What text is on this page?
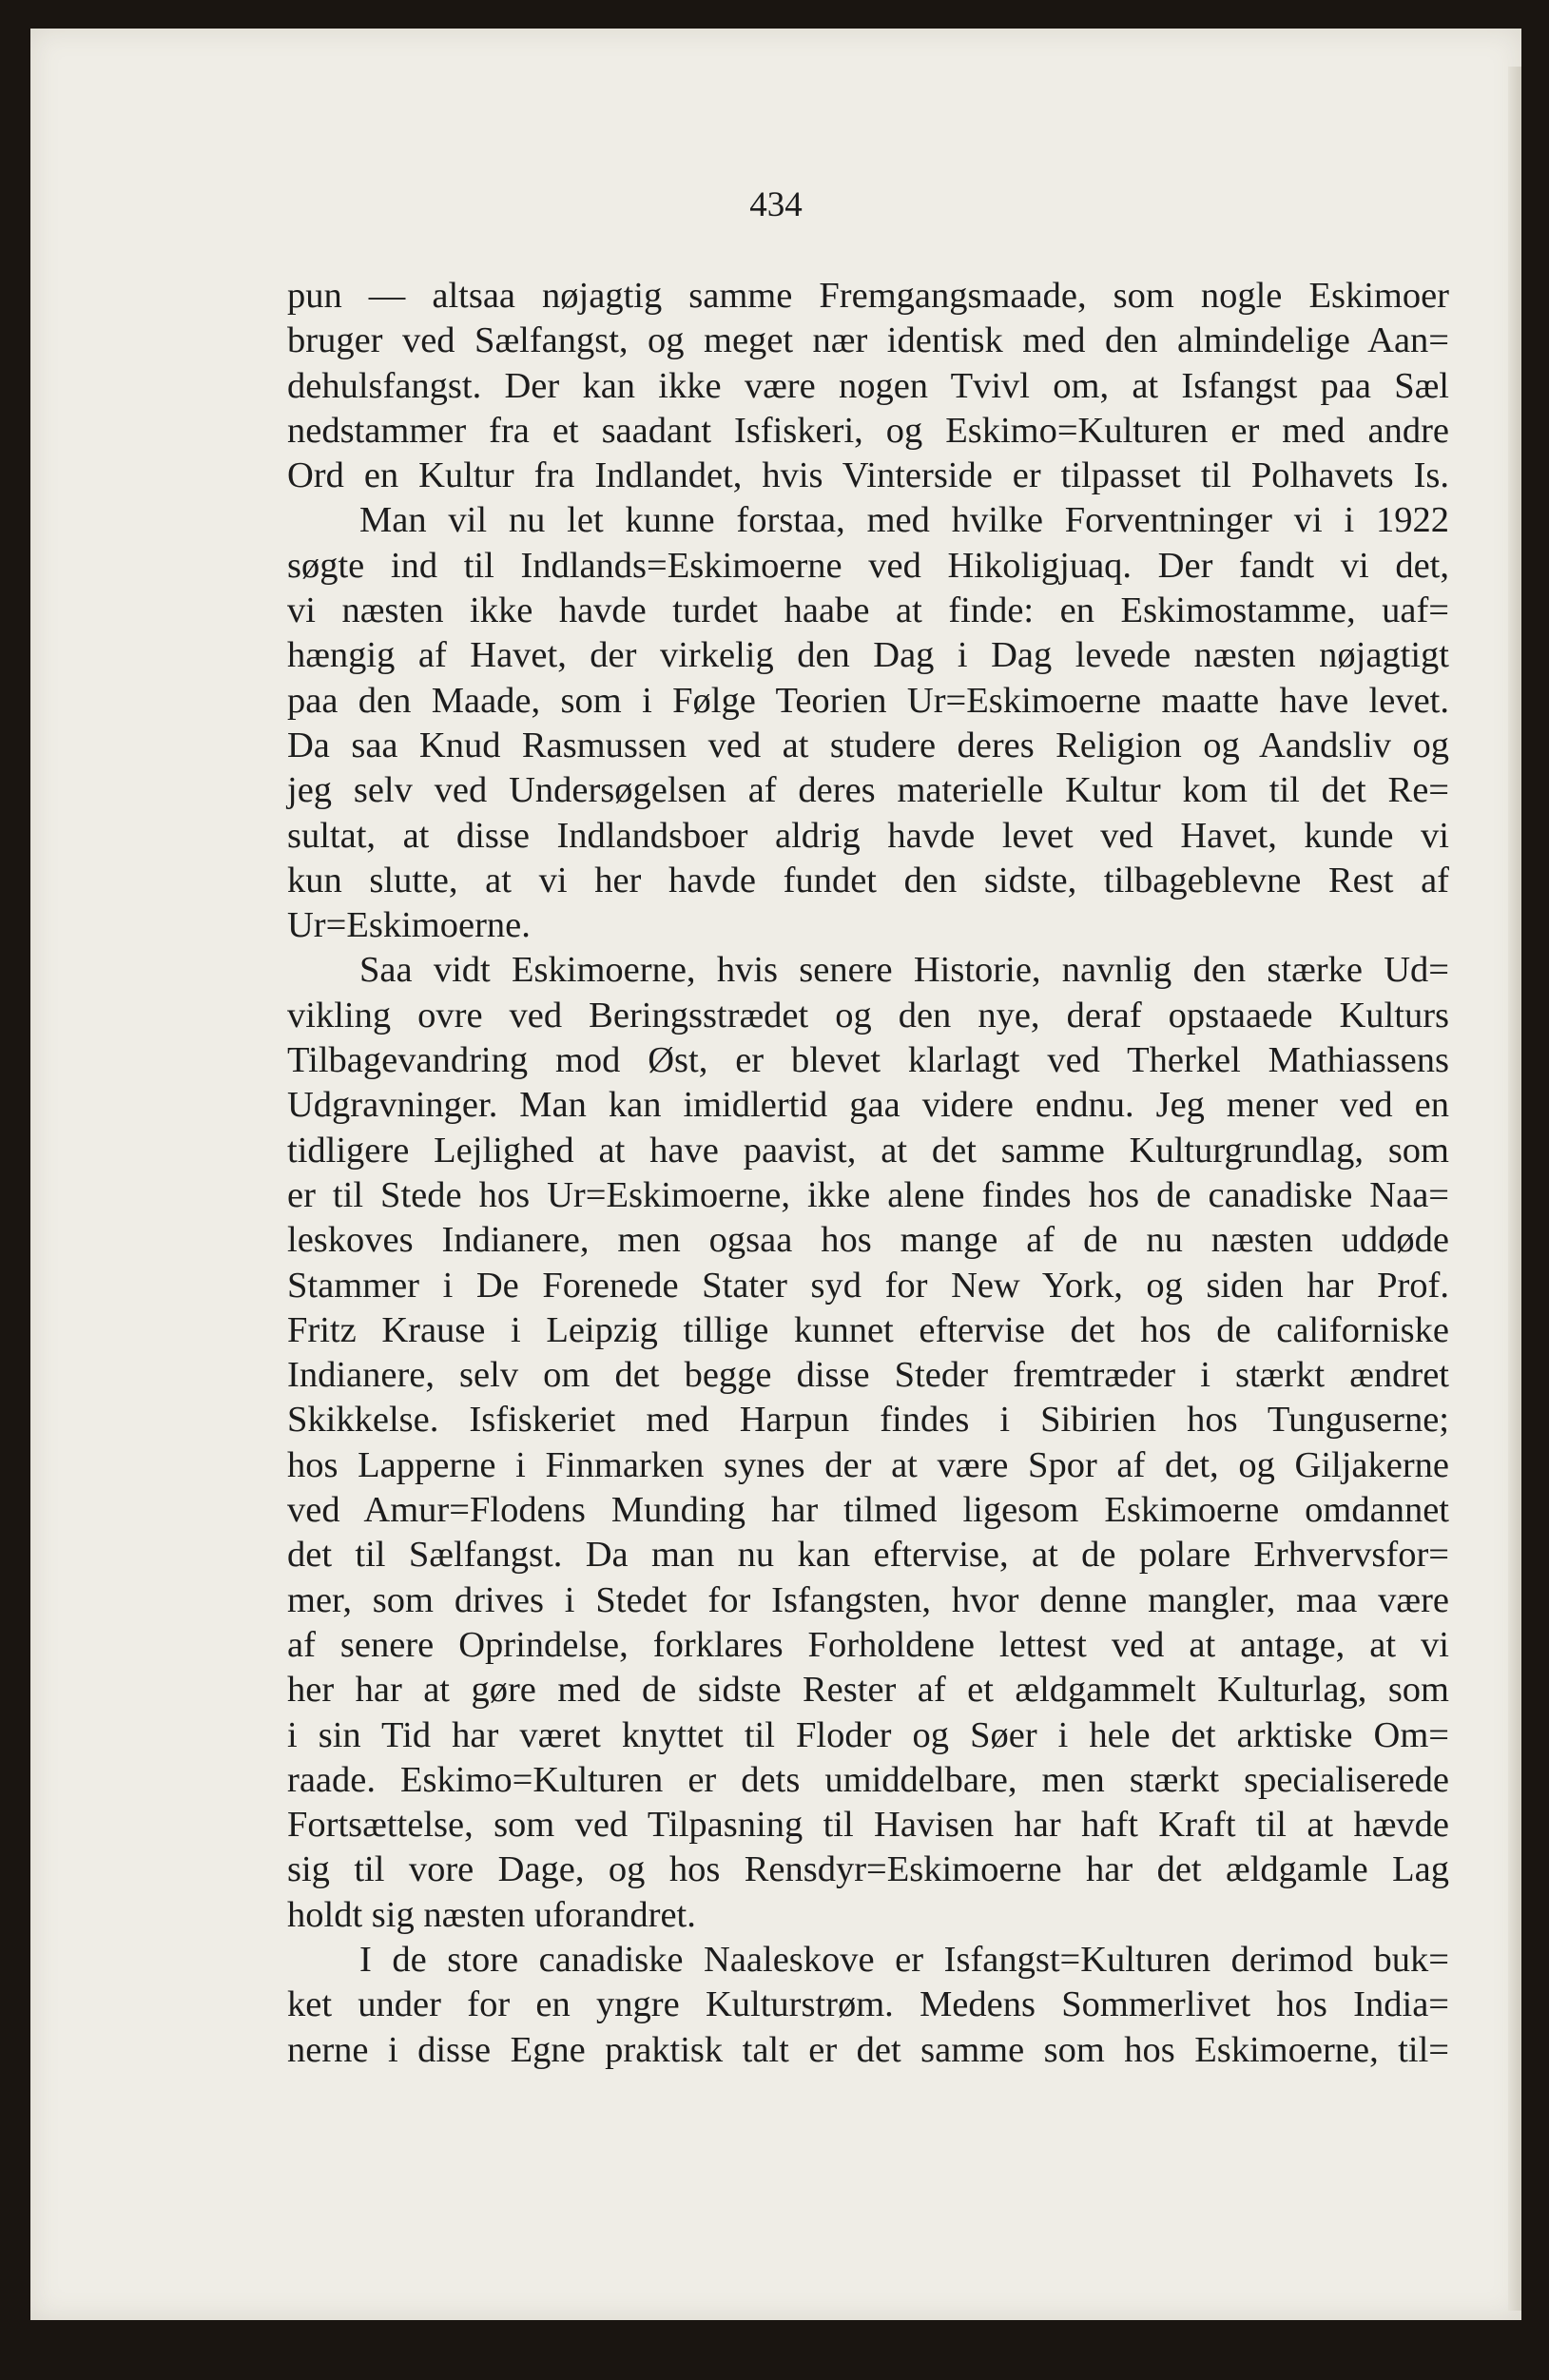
434
pun — altsaa nøjagtig samme Fremgangsmaade, som nogle Eskimoer
bruger ved Sælfangst, og meget nær identisk med den almindelige Aan=
dehulsfangst. Der kan ikke være nogen Tvivl om, at Isfangst paa Sæl
nedstammer fra et saadant Isfiskeri, og Eskimo=Kulturen er med andre
Ord en Kultur fra Indlandet, hvis Vinterside er tilpasset til Polhavets Is.
Man vil nu let kunne forstaa, med hvilke Forventninger vi i 1922
søgte ind til Indlands=Eskimoerne ved Hikoligjuaq. Der fandt vi det,
vi næsten ikke havde turdet haabe at finde: en Eskimostamme, uaf=
hængig af Havet, der virkelig den Dag i Dag levede næsten nøjagtigt
paa den Maade, som i Følge Teorien Ur=Eskimoerne maatte have levet.
Da saa Knud Rasmussen ved at studere deres Religion og Aandsliv og
jeg selv ved Undersøgelsen af deres materielle Kultur kom til det Re=
sultat, at disse Indlandsboer aldrig havde levet ved Havet, kunde vi
kun slutte, at vi her havde fundet den sidste, tilbageblevne Rest af
Ur=Eskimoerne.
Saa vidt Eskimoerne, hvis senere Historie, navnlig den stærke Ud=
vikling ovre ved Beringsstrædet og den nye, deraf opstaaede Kulturs
Tilbagevandring mod Øst, er blevet klarlagt ved Therkel Mathiassens
Udgravninger. Man kan imidlertid gaa videre endnu. Jeg mener ved en
tidligere Lejlighed at have paavist, at det samme Kulturgrundlag, som
er til Stede hos Ur=Eskimoerne, ikke alene findes hos de canadiske Naa=
leskoves Indianere, men ogsaa hos mange af de nu næsten uddøde
Stammer i De Forenede Stater syd for New York, og siden har Prof.
Fritz Krause i Leipzig tillige kunnet eftervise det hos de californiske
Indianere, selv om det begge disse Steder fremtræder i stærkt ændret
Skikkelse. Isfiskeriet med Harpun findes i Sibirien hos Tunguserne;
hos Lapperne i Finmarken synes der at være Spor af det, og Giljakerne
ved Amur=Flodens Munding har tilmed ligesom Eskimoerne omdannet
det til Sælfangst. Da man nu kan eftervise, at de polare Erhvervsfor=
mer, som drives i Stedet for Isfangsten, hvor denne mangler, maa være
af senere Oprindelse, forklares Forholdene lettest ved at antage, at vi
her har at gøre med de sidste Rester af et ældgammelt Kulturlag, som
i sin Tid har været knyttet til Floder og Søer i hele det arktiske Om=
raade. Eskimo=Kulturen er dets umiddelbare, men stærkt specialiserede
Fortsættelse, som ved Tilpasning til Havisen har haft Kraft til at hævde
sig til vore Dage, og hos Rensdyr=Eskimoerne har det ældgamle Lag
holdt sig næsten uforandret.
I de store canadiske Naaleskove er Isfangst=Kulturen derimod buk=
ket under for en yngre Kulturstrøm. Medens Sommerlivet hos India=
nerne i disse Egne praktisk talt er det samme som hos Eskimoerne, til=
